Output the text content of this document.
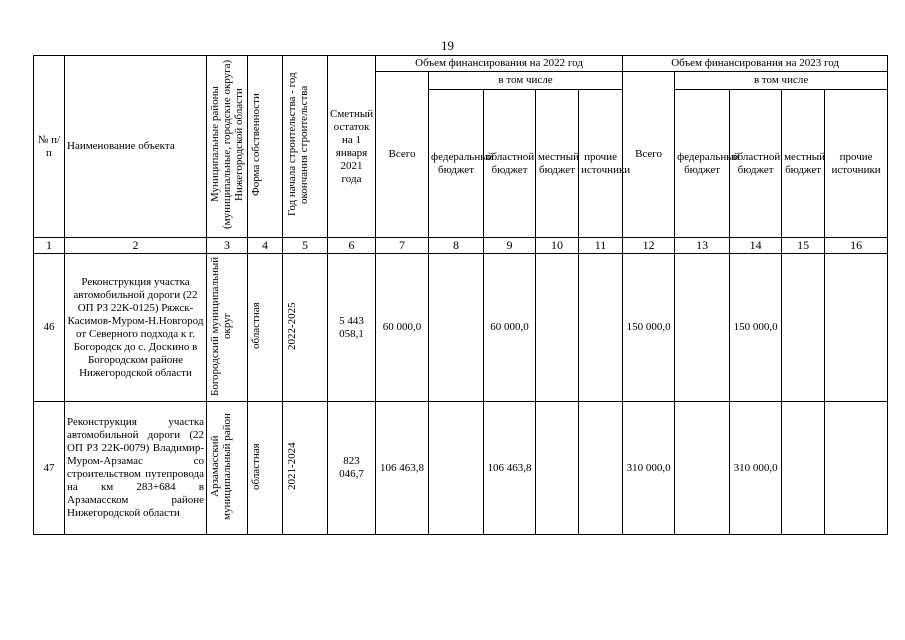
19
№ п/п	Наименование объекта	Муниципальные районы (муниципальные, городские округа) Нижегородской области	Форма собственности	Год начала строительства - год окончания строительства	Сметный остаток на 1 января 2021 года	Объем финансирования на 2022 год					Объем финансирования на 2023 год				
						Всего	в том числе				Всего	в том числе			
							федеральный бюджет	областной бюджет	местный бюджет	прочие источники		федеральный бюджет	областной бюджет	местный бюджет	прочие источники
1	2	3	4	5	6	7	8	9	10	11	12	13	14	15	16
46	Реконструкция участка автомобильной дороги (22 ОП РЗ 22К-0125) Ряжск-Касимов-Муром-Н.Новгород от Северного подхода к г. Богородск до с. Доскино в Богородском районе Нижегородской области	Богородский муниципальный округ	областная	2022-2025	5 443 058,1	60 000,0		60 000,0			150 000,0		150 000,0		
47	Реконструкция участка автомобильной дороги (22 ОП РЗ 22К-0079) Владимир-Муром-Арзамас со строительством путепровода на км 283+684 в Арзамасском районе Нижегородской области	Арзамасский муниципальный район	областная	2021-2024	823 046,7	106 463,8		106 463,8			310 000,0		310 000,0		
